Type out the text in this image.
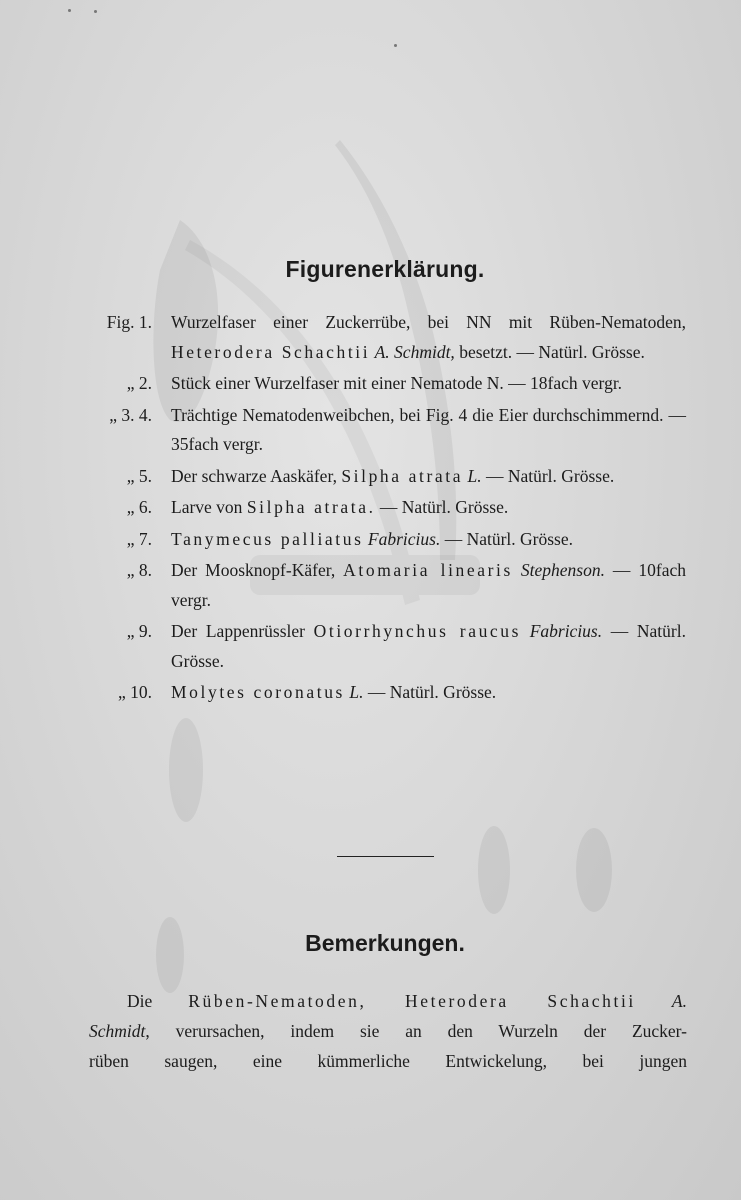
Figurenerklärung.
Fig. 1. Wurzelfaser einer Zuckerrübe, bei NN mit Rüben-Nematoden, Heterodera Schachtii A. Schmidt, besetzt. — Natürl. Grösse.
„ 2. Stück einer Wurzelfaser mit einer Nematode N. — 18fach vergr.
„ 3. 4. Trächtige Nematodenweibchen, bei Fig. 4 die Eier durchschimmernd. — 35fach vergr.
„ 5. Der schwarze Aaskäfer, Silpha atrata L. — Natürl. Grösse.
„ 6. Larve von Silpha atrata. — Natürl. Grösse.
„ 7. Tanymecus palliatus Fabricius. — Natürl. Grösse.
„ 8. Der Moosknopf-Käfer, Atomaria linearis Stephenson. — 10fach vergr.
„ 9. Der Lappenrüssler Otiorrhynchus raucus Fabricius. — Natürl. Grösse.
„ 10. Molytes coronatus L. — Natürl. Grösse.
Bemerkungen.
Die Rüben-Nematoden, Heterodera Schachtii A.
Schmidt, verursachen, indem sie an den Wurzeln der Zucker-
rüben saugen, eine kümmerliche Entwickelung, bei jungen
